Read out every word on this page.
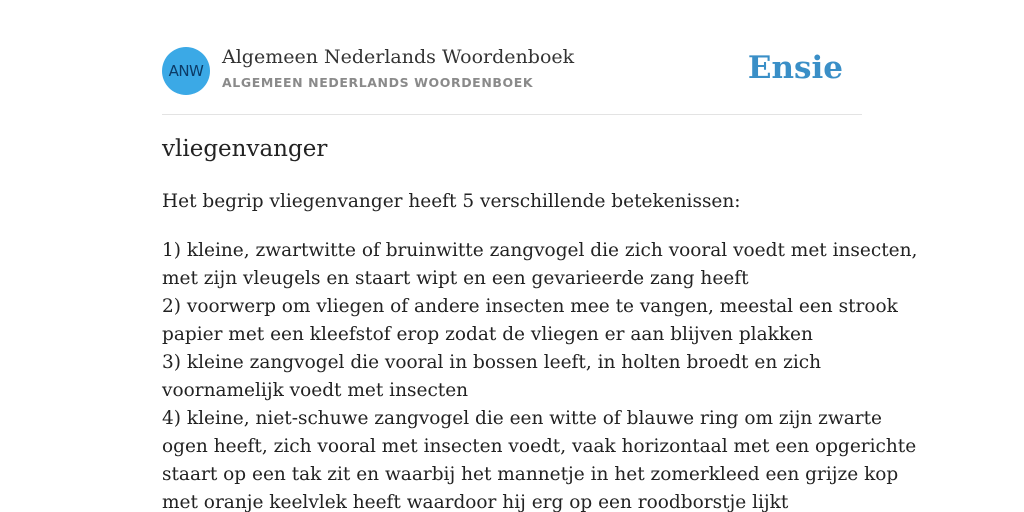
ANW
Algemeen Nederlands Woordenboek
ALGEMEEN NEDERLANDS WOORDENBOEK	Ensie
vliegenvanger

Het begrip vliegenvanger heeft 5 verschillende betekenissen:

1) kleine, zwartwitte of bruinwitte zangvogel die zich vooral voedt met insecten,
met zijn vleugels en staart wipt en een gevarieerde zang heeft
2) voorwerp om vliegen of andere insecten mee te vangen, meestal een strook
papier met een kleefstof erop zodat de vliegen er aan blijven plakken
3) kleine zangvogel die vooral in bossen leeft, in holten broedt en zich
voornamelijk voedt met insecten
4) kleine, niet-schuwe zangvogel die een witte of blauwe ring om zijn zwarte
ogen heeft, zich vooral met insecten voedt, vaak horizontaal met een opgerichte
staart op een tak zit en waarbij het mannetje in het zomerkleed een grijze kop
met oranje keelvlek heeft waardoor hij erg op een roodborstje lijkt
